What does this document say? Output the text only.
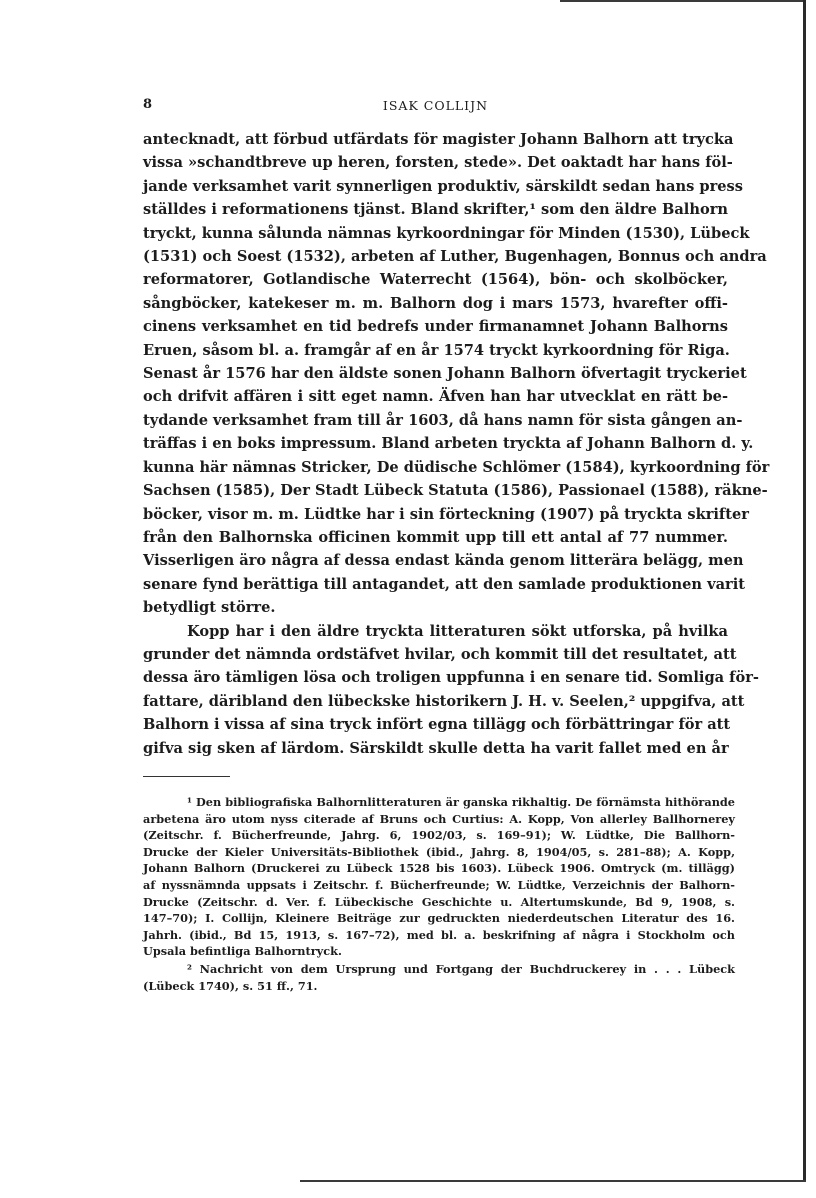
8	ISAK COLLIJN
antecknadt, att förbud utfärdats för magister Johann Balhorn att trycka
vissa »schandtbreve up heren, forsten, stede». Det oaktadt har hans föl-
jande verksamhet varit synnerligen produktiv, särskildt sedan hans press
ställdes i reformationens tjänst. Bland skrifter,¹ som den äldre Balhorn
tryckt, kunna sålunda nämnas kyrkoordningar för Minden (1530), Lübeck
(1531) och Soest (1532), arbeten af Luther, Bugenhagen, Bonnus och andra
reformatorer, Gotlandische Waterrecht (1564), bön- och skolböcker,
sångböcker, katekeser m. m. Balhorn dog i mars 1573, hvarefter offi-
cinens verksamhet en tid bedrefs under firmanamnet Johann Balhorns
Eruen, såsom bl. a. framgår af en år 1574 tryckt kyrkoordning för Riga.
Senast år 1576 har den äldste sonen Johann Balhorn öfvertagit tryckeriet
och drifvit affären i sitt eget namn. Äfven han har utvecklat en rätt be-
tydande verksamhet fram till år 1603, då hans namn för sista gången an-
träffas i en boks impressum. Bland arbeten tryckta af Johann Balhorn d. y.
kunna här nämnas Stricker, De düdische Schlömer (1584), kyrkoordning för
Sachsen (1585), Der Stadt Lübeck Statuta (1586), Passionael (1588), räkne-
böcker, visor m. m. Lüdtke har i sin förteckning (1907) på tryckta skrifter
från den Balhornska officinen kommit upp till ett antal af 77 nummer.
Visserligen äro några af dessa endast kända genom litterära belägg, men
senare fynd berättiga till antagandet, att den samlade produktionen varit
betydligt större.
Kopp har i den äldre tryckta litteraturen sökt utforska, på hvilka
grunder det nämnda ordstäfvet hvilar, och kommit till det resultatet, att
dessa äro tämligen lösa och troligen uppfunna i en senare tid. Somliga för-
fattare, däribland den lübeckske historikern J. H. v. Seelen,² uppgifva, att
Balhorn i vissa af sina tryck infört egna tillägg och förbättringar för att
gifva sig sken af lärdom. Särskildt skulle detta ha varit fallet med en år
¹ Den bibliografiska Balhornlitteraturen är ganska rikhaltig. De förnämsta hithörande
arbetena äro utom nyss citerade af Bruns och Curtius: A. Kopp, Von allerley Ballhornerey
(Zeitschr. f. Bücherfreunde, Jahrg. 6, 1902/03, s. 169–91); W. Lüdtke, Die Ballhorn-
Drucke der Kieler Universitäts-Bibliothek (ibid., Jahrg. 8, 1904/05, s. 281–88); A. Kopp,
Johann Balhorn (Druckerei zu Lübeck 1528 bis 1603). Lübeck 1906. Omtryck (m. tillägg)
af nyssnämnda uppsats i Zeitschr. f. Bücherfreunde; W. Lüdtke, Verzeichnis der Balhorn-
Drucke (Zeitschr. d. Ver. f. Lübeckische Geschichte u. Altertumskunde, Bd 9, 1908, s.
147–70); I. Collijn, Kleinere Beiträge zur gedruckten niederdeutschen Literatur des 16.
Jahrh. (ibid., Bd 15, 1913, s. 167–72), med bl. a. beskrifning af några i Stockholm och
Upsala befintliga Balhorntryck.
² Nachricht von dem Ursprung und Fortgang der Buchdruckerey in . . . Lübeck
(Lübeck 1740), s. 51 ff., 71.
